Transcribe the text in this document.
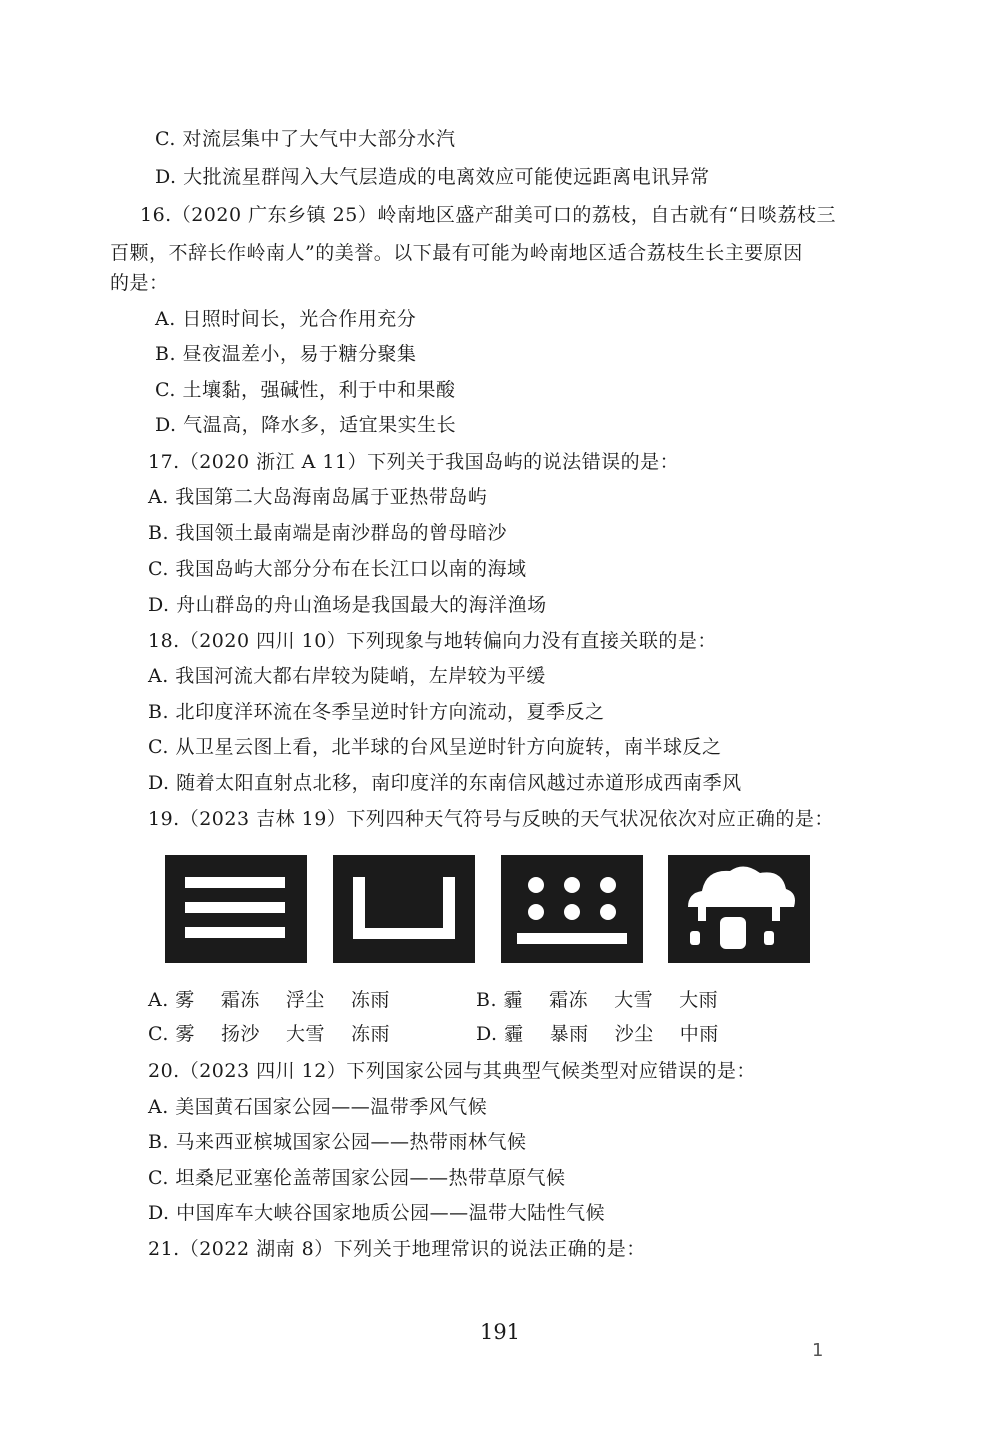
C. 对流层集中了大气中大部分水汽
D. 大批流星群闯入大气层造成的电离效应可能使远距离电讯异常
16.（2020 广东乡镇 25）岭南地区盛产甜美可口的荔枝，自古就有“日啖荔枝三
百颗，不辞长作岭南人”的美誉。以下最有可能为岭南地区适合荔枝生长主要原因
的是：
A. 日照时间长，光合作用充分
B. 昼夜温差小，易于糖分聚集
C. 土壤黏，强碱性，利于中和果酸
D. 气温高，降水多，适宜果实生长
17.（2020 浙江 A 11）下列关于我国岛屿的说法错误的是：
A. 我国第二大岛海南岛属于亚热带岛屿
B. 我国领土最南端是南沙群岛的曾母暗沙
C. 我国岛屿大部分分布在长江口以南的海域
D. 舟山群岛的舟山渔场是我国最大的海洋渔场
18.（2020 四川 10）下列现象与地转偏向力没有直接关联的是：
A. 我国河流大都右岸较为陡峭，左岸较为平缓
B. 北印度洋环流在冬季呈逆时针方向流动，夏季反之
C. 从卫星云图上看，北半球的台风呈逆时针方向旋转，南半球反之
D. 随着太阳直射点北移，南印度洋的东南信风越过赤道形成西南季风
19.（2023 吉林 19）下列四种天气符号与反映的天气状况依次对应正确的是：
A. 雾　 霜冻　 浮尘　 冻雨	B. 霾　 霜冻　 大雪　 大雨
C. 雾　 扬沙　 大雪　 冻雨	D. 霾　 暴雨　 沙尘　 中雨
20.（2023 四川 12）下列国家公园与其典型气候类型对应错误的是：
A. 美国黄石国家公园——温带季风气候
B. 马来西亚槟城国家公园——热带雨林气候
C. 坦桑尼亚塞伦盖蒂国家公园——热带草原气候
D. 中国库车大峡谷国家地质公园——温带大陆性气候
21.（2022 湖南 8）下列关于地理常识的说法正确的是：
191
1
